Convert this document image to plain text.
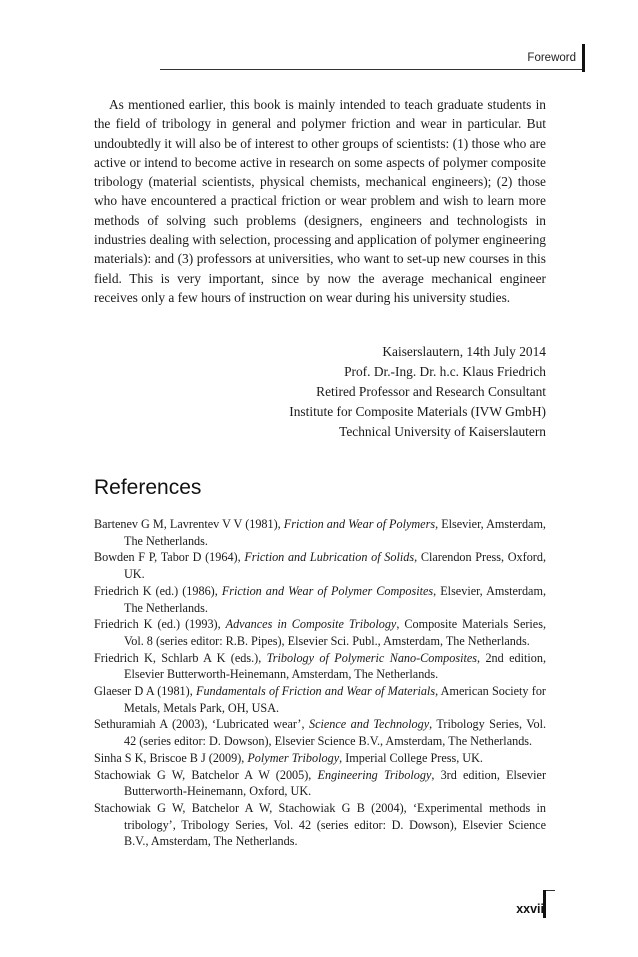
Foreword

As mentioned earlier, this book is mainly intended to teach graduate students in the field of tribology in general and polymer friction and wear in particular. But undoubtedly it will also be of interest to other groups of scientists: (1) those who are active or intend to become active in research on some aspects of polymer composite tribology (material scientists, physical chemists, mechanical engineers); (2) those who have encountered a practical friction or wear problem and wish to learn more methods of solving such problems (designers, engineers and technologists in industries dealing with selection, processing and application of polymer engineering materials): and (3) professors at universities, who want to set-up new courses in this field. This is very important, since by now the average mechanical engineer receives only a few hours of instruction on wear during his university studies.

Kaiserslautern, 14th July 2014
Prof. Dr.-Ing. Dr. h.c. Klaus Friedrich
Retired Professor and Research Consultant
Institute for Composite Materials (IVW GmbH)
Technical University of Kaiserslautern
References
Bartenev G M, Lavrentev V V (1981), Friction and Wear of Polymers, Elsevier, Amsterdam, The Netherlands.
Bowden F P, Tabor D (1964), Friction and Lubrication of Solids, Clarendon Press, Oxford, UK.
Friedrich K (ed.) (1986), Friction and Wear of Polymer Composites, Elsevier, Amsterdam, The Netherlands.
Friedrich K (ed.) (1993), Advances in Composite Tribology, Composite Materials Series, Vol. 8 (series editor: R.B. Pipes), Elsevier Sci. Publ., Amsterdam, The Netherlands.
Friedrich K, Schlarb A K (eds.), Tribology of Polymeric Nano-Composites, 2nd edition, Elsevier Butterworth-Heinemann, Amsterdam, The Netherlands.
Glaeser D A (1981), Fundamentals of Friction and Wear of Materials, American Society for Metals, Metals Park, OH, USA.
Sethuramiah A (2003), ‘Lubricated wear’, Science and Technology, Tribology Series, Vol. 42 (series editor: D. Dowson), Elsevier Science B.V., Amsterdam, The Netherlands.
Sinha S K, Briscoe B J (2009), Polymer Tribology, Imperial College Press, UK.
Stachowiak G W, Batchelor A W (2005), Engineering Tribology, 3rd edition, Elsevier Butterworth-Heinemann, Oxford, UK.
Stachowiak G W, Batchelor A W, Stachowiak G B (2004), ‘Experimental methods in tribology’, Tribology Series, Vol. 42 (series editor: D. Dowson), Elsevier Science B.V., Amsterdam, The Netherlands.
xxvii
